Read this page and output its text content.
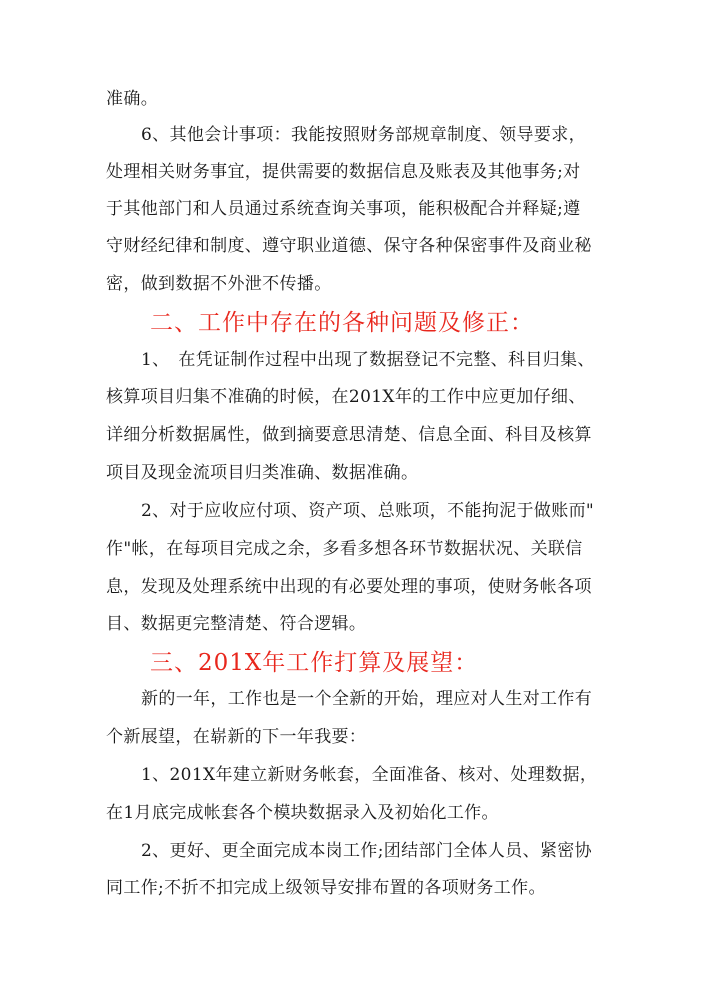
准确。
6、其他会计事项：我能按照财务部规章制度、领导要求，
处理相关财务事宜，提供需要的数据信息及账表及其他事务;对
于其他部门和人员通过系统查询关事项，能积极配合并释疑;遵
守财经纪律和制度、遵守职业道德、保守各种保密事件及商业秘
密，做到数据不外泄不传播。
二、工作中存在的各种问题及修正：
1、　在凭证制作过程中出现了数据登记不完整、科目归集、
核算项目归集不准确的时候，在201X年的工作中应更加仔细、
详细分析数据属性，做到摘要意思清楚、信息全面、科目及核算
项目及现金流项目归类准确、数据准确。
2、对于应收应付项、资产项、总账项，不能拘泥于做账而"
作"帐，在每项目完成之余，多看多想各环节数据状况、关联信
息，发现及处理系统中出现的有必要处理的事项，使财务帐各项
目、数据更完整清楚、符合逻辑。
三、201X年工作打算及展望：
新的一年，工作也是一个全新的开始，理应对人生对工作有
个新展望，在崭新的下一年我要：
1、201X年建立新财务帐套，全面准备、核对、处理数据，
在1月底完成帐套各个模块数据录入及初始化工作。
2、更好、更全面完成本岗工作;团结部门全体人员、紧密协
同工作;不折不扣完成上级领导安排布置的各项财务工作。
